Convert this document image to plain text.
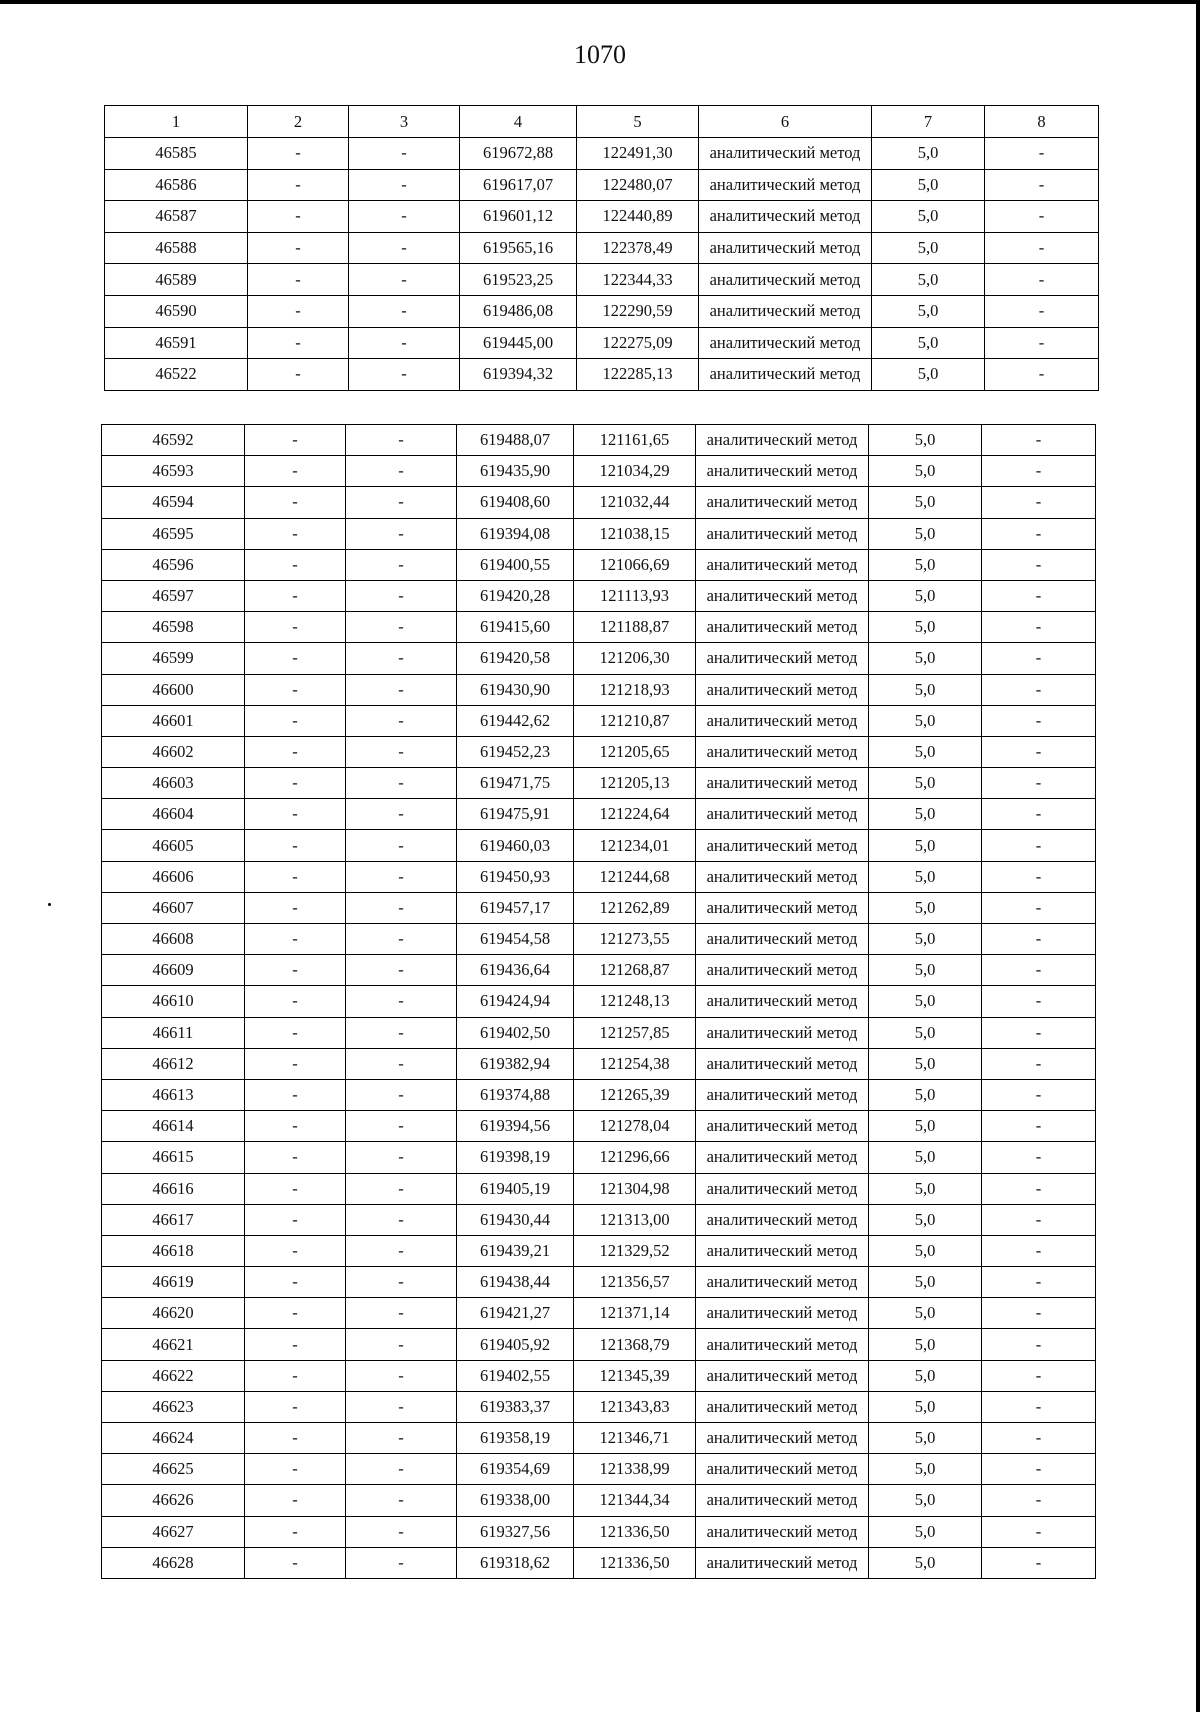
1070
1	2	3	4	5	6	7	8
46585	-	-	619672,88	122491,30	аналитический метод	5,0	-
46586	-	-	619617,07	122480,07	аналитический метод	5,0	-
46587	-	-	619601,12	122440,89	аналитический метод	5,0	-
46588	-	-	619565,16	122378,49	аналитический метод	5,0	-
46589	-	-	619523,25	122344,33	аналитический метод	5,0	-
46590	-	-	619486,08	122290,59	аналитический метод	5,0	-
46591	-	-	619445,00	122275,09	аналитический метод	5,0	-
46522	-	-	619394,32	122285,13	аналитический метод	5,0	-
46592	-	-	619488,07	121161,65	аналитический метод	5,0	-
46593	-	-	619435,90	121034,29	аналитический метод	5,0	-
46594	-	-	619408,60	121032,44	аналитический метод	5,0	-
46595	-	-	619394,08	121038,15	аналитический метод	5,0	-
46596	-	-	619400,55	121066,69	аналитический метод	5,0	-
46597	-	-	619420,28	121113,93	аналитический метод	5,0	-
46598	-	-	619415,60	121188,87	аналитический метод	5,0	-
46599	-	-	619420,58	121206,30	аналитический метод	5,0	-
46600	-	-	619430,90	121218,93	аналитический метод	5,0	-
46601	-	-	619442,62	121210,87	аналитический метод	5,0	-
46602	-	-	619452,23	121205,65	аналитический метод	5,0	-
46603	-	-	619471,75	121205,13	аналитический метод	5,0	-
46604	-	-	619475,91	121224,64	аналитический метод	5,0	-
46605	-	-	619460,03	121234,01	аналитический метод	5,0	-
46606	-	-	619450,93	121244,68	аналитический метод	5,0	-
46607	-	-	619457,17	121262,89	аналитический метод	5,0	-
46608	-	-	619454,58	121273,55	аналитический метод	5,0	-
46609	-	-	619436,64	121268,87	аналитический метод	5,0	-
46610	-	-	619424,94	121248,13	аналитический метод	5,0	-
46611	-	-	619402,50	121257,85	аналитический метод	5,0	-
46612	-	-	619382,94	121254,38	аналитический метод	5,0	-
46613	-	-	619374,88	121265,39	аналитический метод	5,0	-
46614	-	-	619394,56	121278,04	аналитический метод	5,0	-
46615	-	-	619398,19	121296,66	аналитический метод	5,0	-
46616	-	-	619405,19	121304,98	аналитический метод	5,0	-
46617	-	-	619430,44	121313,00	аналитический метод	5,0	-
46618	-	-	619439,21	121329,52	аналитический метод	5,0	-
46619	-	-	619438,44	121356,57	аналитический метод	5,0	-
46620	-	-	619421,27	121371,14	аналитический метод	5,0	-
46621	-	-	619405,92	121368,79	аналитический метод	5,0	-
46622	-	-	619402,55	121345,39	аналитический метод	5,0	-
46623	-	-	619383,37	121343,83	аналитический метод	5,0	-
46624	-	-	619358,19	121346,71	аналитический метод	5,0	-
46625	-	-	619354,69	121338,99	аналитический метод	5,0	-
46626	-	-	619338,00	121344,34	аналитический метод	5,0	-
46627	-	-	619327,56	121336,50	аналитический метод	5,0	-
46628	-	-	619318,62	121336,50	аналитический метод	5,0	-
